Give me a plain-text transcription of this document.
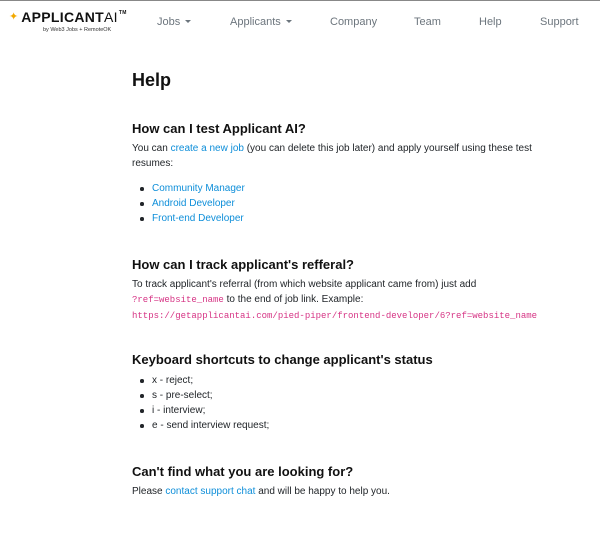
✦ APPLICANTAI™
by Web3 Jobs + RemoteOK
Jobs	Applicants	Company	Team	Help	Support
Help
How can I test Applicant AI?

You can create a new job (you can delete this job later) and apply yourself using these test resumes:

Community Manager
Android Developer
Front-end Developer
How can I track applicant's refferal?

To track applicant's referral (from which website applicant came from) just add
?ref=website_name to the end of job link. Example:
https://getapplicantai.com/pied-piper/frontend-developer/6?ref=website_name

Keyboard shortcuts to change applicant's status
x - reject;
s - pre-select;
i - interview;
e - send interview request;
Can't find what you are looking for?

Please contact support chat and will be happy to help you.
